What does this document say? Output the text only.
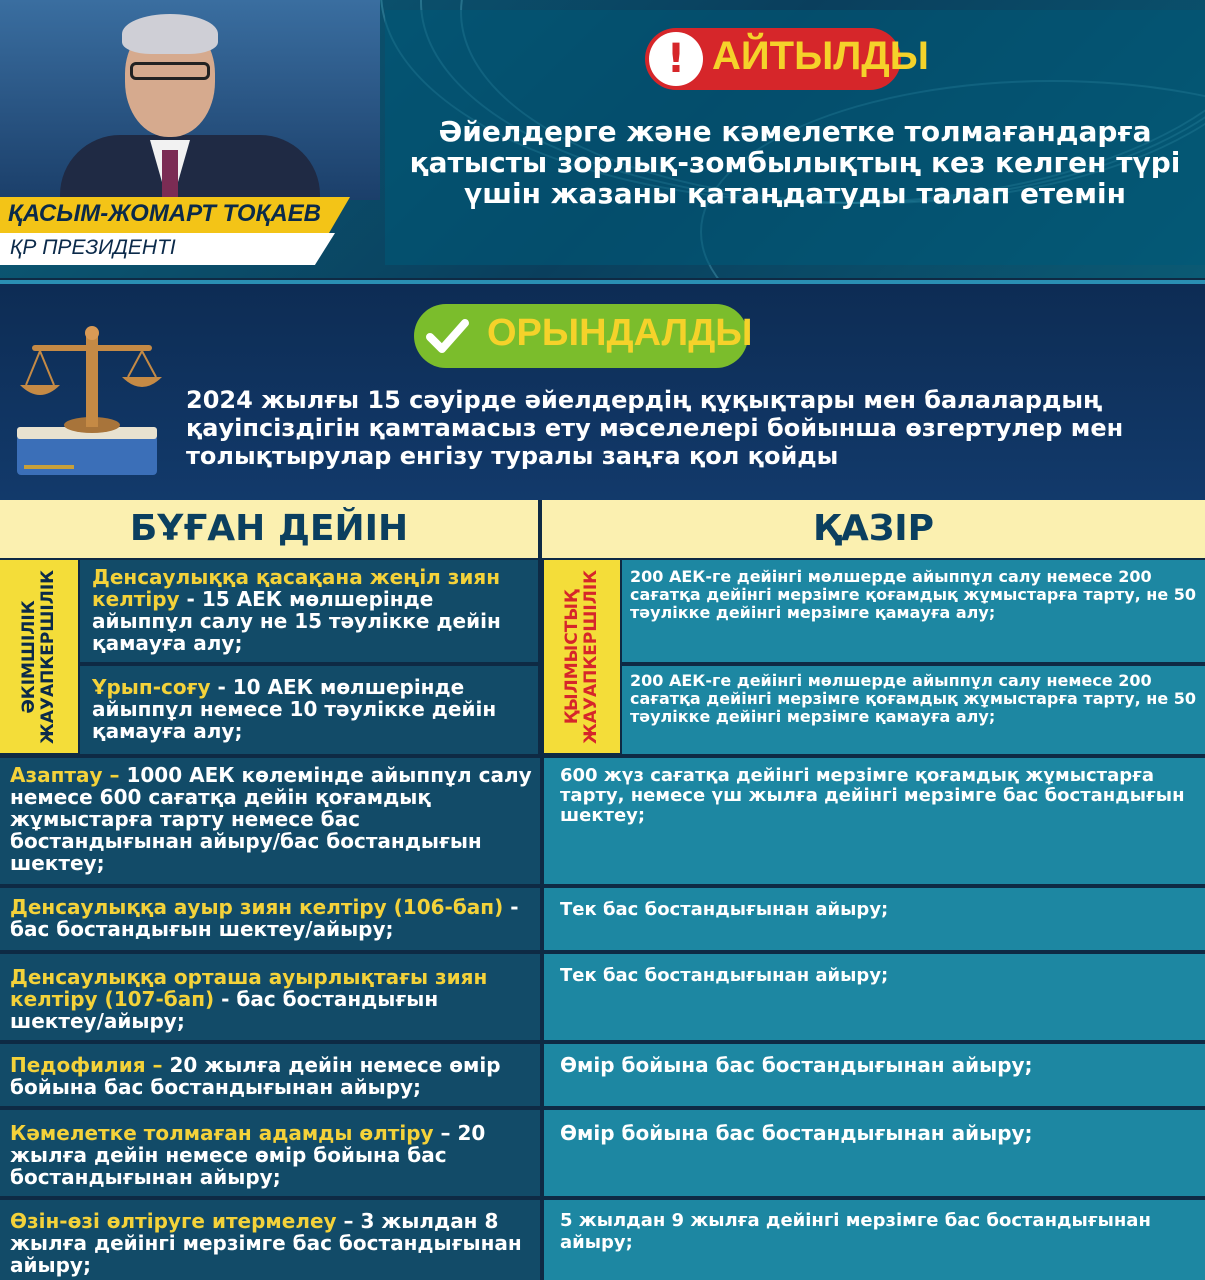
ҚАСЫМ-ЖОМАРТ ТОҚАЕВ
ҚР ПРЕЗИДЕНТІ
! АЙТЫЛДЫ
Әйелдерге және кәмелетке толмағандарға қатысты зорлық-зомбылықтың кез келген түрі үшін жазаны қатаңдатуды талап етемін
ОРЫНДАЛДЫ
2024 жылғы 15 сәуірде әйелдердің құқықтары мен балалардың қауіпсіздігін қамтамасыз ету мәселелері бойынша өзгертулер мен толықтырулар енгізу туралы заңға қол қойды
БҰҒАН ДЕЙІН	ҚАЗІР
ӘКІМШІЛІК ЖАУАПКЕРШІЛІК	ҚЫЛМЫСТЫҚ ЖАУАПКЕРШІЛІК
Денсаулыққа қасақана жеңіл зиян келтіру - 15 АЕК мөлшерінде айыппұл салу не 15 тәулікке дейін қамауға алу;
200 АЕК-ге дейінгі мөлшерде айыппұл салу немесе 200 сағатқа дейінгі мерзімге қоғамдық жұмыстарға тарту, не 50 тәулікке дейінгі мерзімге қамауға алу;
Ұрып-соғу - 10 АЕК мөлшерінде айыппұл немесе 10 тәулікке дейін қамауға алу;
200 АЕК-ге дейінгі мөлшерде айыппұл салу немесе 200 сағатқа дейінгі мерзімге қоғамдық жұмыстарға тарту, не 50 тәулікке дейінгі мерзімге қамауға алу;
Азаптау – 1000 АЕК көлемінде айыппұл салу немесе 600 сағатқа дейін қоғамдық жұмыстарға тарту немесе бас бостандығынан айыру/бас бостандығын шектеу;
600 жүз сағатқа дейінгі мерзімге қоғамдық жұмыстарға тарту, немесе үш жылға дейінгі мерзімге бас бостандығын шектеу;
Денсаулыққа ауыр зиян келтіру (106-бап) - бас бостандығын шектеу/айыру;
Тек бас бостандығынан айыру;
Денсаулыққа орташа ауырлықтағы зиян келтіру (107-бап) - бас бостандығын шектеу/айыру;
Тек бас бостандығынан айыру;
Педофилия – 20 жылға дейін немесе өмір бойына бас бостандығынан айыру;
Өмір бойына бас бостандығынан айыру;
Кәмелетке толмаған адамды өлтіру – 20 жылға дейін немесе өмір бойына бас бостандығынан айыру;
Өмір бойына бас бостандығынан айыру;
Өзін-өзі өлтіруге итермелеу – 3 жылдан 8 жылға дейінгі мерзімге бас бостандығынан айыру;
5 жылдан 9 жылға дейінгі мерзімге бас бостандығынан айыру;
